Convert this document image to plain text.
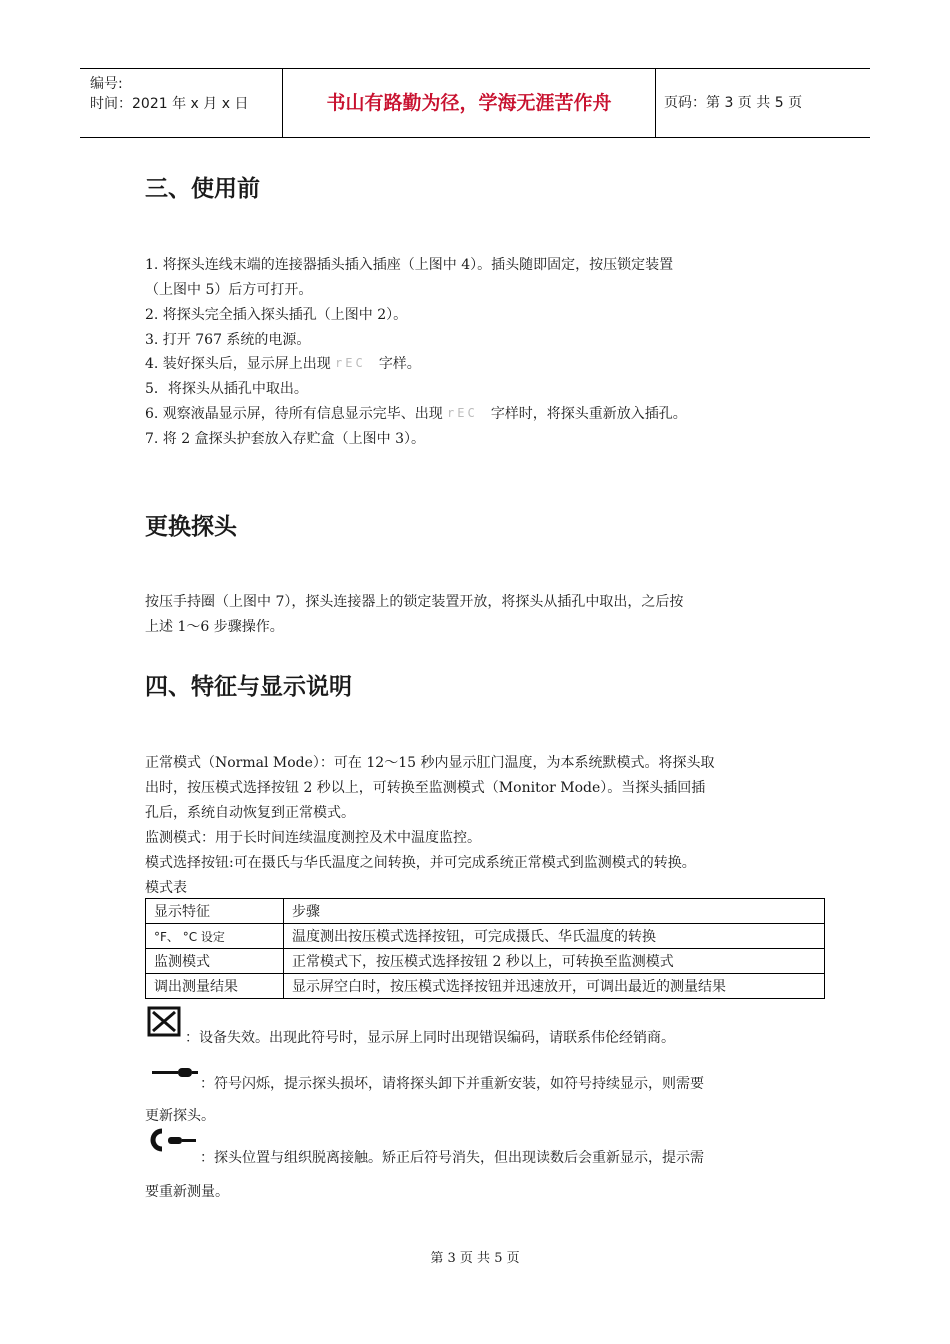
编号:
时间：2021 年 x 月 x 日	书山有路勤为径，学海无涯苦作舟	页码：第 3 页 共 5 页
三、使用前

1. 将探头连线末端的连接器插头插入插座（上图中 4）。插头随即固定，按压锁定装置

（上图中 5）后方可打开。

2. 将探头完全插入探头插孔（上图中 2）。

3. 打开 767 系统的电源。

4. 装好探头后，显示屏上出现 rEC 字样。

5．将探头从插孔中取出。

6. 观察液晶显示屏，待所有信息显示完毕、出现 rEC 字样时，将探头重新放入插孔。

7. 将 2 盒探头护套放入存贮盒（上图中 3）。

更换探头

按压手持圈（上图中 7），探头连接器上的锁定装置开放，将探头从插孔中取出，之后按

上述 1～6 步骤操作。

四、特征与显示说明

正常模式（Normal Mode）：可在 12～15 秒内显示肛门温度，为本系统默模式。将探头取

出时，按压模式选择按钮 2 秒以上，可转换至监测模式（Monitor Mode）。当探头插回插

孔后，系统自动恢复到正常模式。

监测模式：用于长时间连续温度测控及术中温度监控。

模式选择按钮:可在摄氏与华氏温度之间转换，并可完成系统正常模式到监测模式的转换。

模式表

显示特征	步骤
°F、 °C 设定	温度测出按压模式选择按钮，可完成摄氏、华氏温度的转换
监测模式	正常模式下，按压模式选择按钮 2 秒以上，可转换至监测模式
调出测量结果	显示屏空白时，按压模式选择按钮并迅速放开，可调出最近的测量结果

：设备失效。出现此符号时，显示屏上同时出现错误编码，请联系伟伦经销商。

：符号闪烁，提示探头损坏，请将探头卸下并重新安装，如符号持续显示，则需要

更新探头。

：探头位置与组织脱离接触。矫正后符号消失，但出现读数后会重新显示，提示需

要重新测量。

第 3 页 共 5 页
